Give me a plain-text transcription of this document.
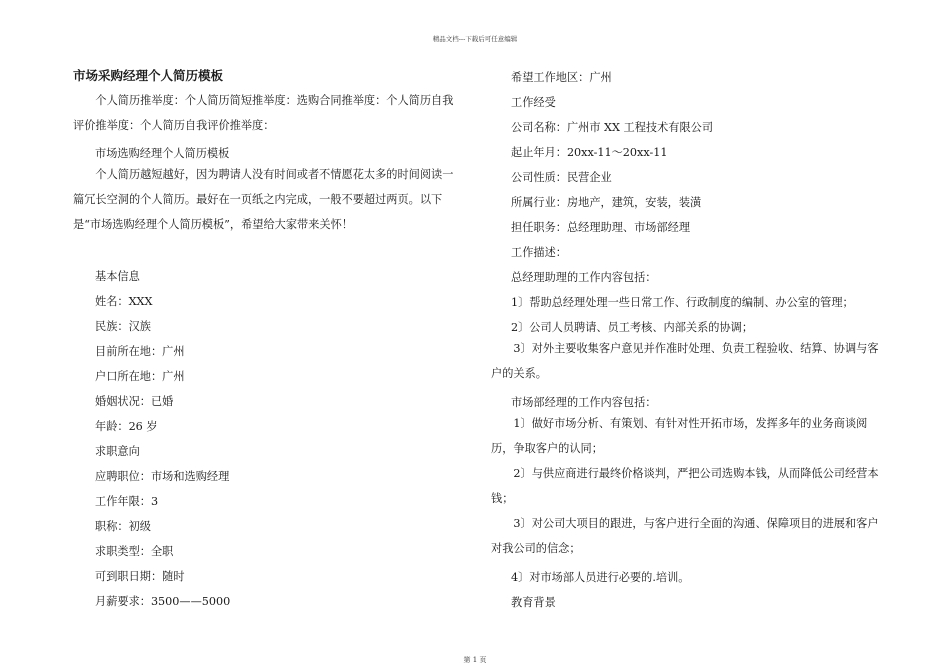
精品文档---下载后可任意编辑
市场采购经理个人简历模板

个人简历推举度：个人简历简短推举度：选购合同推举度：个人简历自我评价推举度：个人简历自我评价推举度：

市场选购经理个人简历模板

个人简历越短越好，因为聘请人没有时间或者不情愿花太多的时间阅读一篇冗长空洞的个人简历。最好在一页纸之内完成，一般不要超过两页。以下是“市场选购经理个人简历模板”，希望给大家带来关怀！

基本信息
姓名：XXX
民族：汉族
目前所在地：广州
户口所在地：广州
婚姻状况：已婚
年龄：26 岁
求职意向
应聘职位：市场和选购经理
工作年限：3
职称：初级
求职类型：全职
可到职日期：随时
月薪要求：3500——5000
希望工作地区：广州
工作经受
公司名称：广州市 XX 工程技术有限公司
起止年月：20xx-11～20xx-11
公司性质：民营企业
所属行业：房地产，建筑，安装，装潢
担任职务：总经理助理、市场部经理
工作描述：
总经理助理的工作内容包括：
1〕帮助总经理处理一些日常工作、行政制度的编制、办公室的管理；
2〕公司人员聘请、员工考核、内部关系的协调；

3〕对外主要收集客户意见并作准时处理、负责工程验收、结算、协调与客户的关系。

市场部经理的工作内容包括：

1〕做好市场分析、有策划、有针对性开拓市场，发挥多年的业务商谈阅历，争取客户的认同；

2〕与供应商进行最终价格谈判，严把公司选购本钱，从而降低公司经营本钱；

3〕对公司大项目的跟进，与客户进行全面的沟通、保障项目的进展和客户对我公司的信念；

4〕对市场部人员进行必要的.培训。
教育背景
第 1 页
